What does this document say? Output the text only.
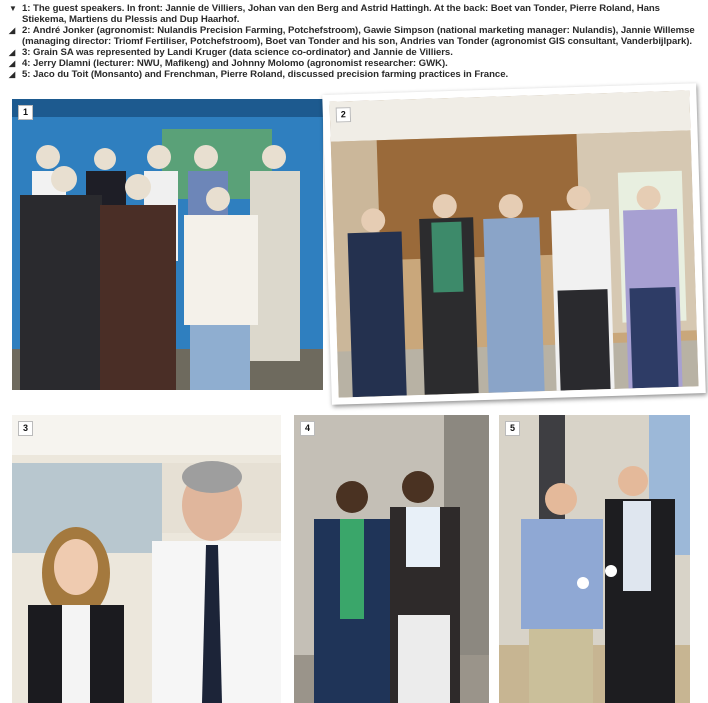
▼ 1: The guest speakers. In front: Jannie de Villiers, Johan van den Berg and Astrid Hattingh. At the back: Boet van Tonder, Pierre Roland, Hans Stiekema, Martiens du Plessis and Dup Haarhof.
◢ 2: André Jonker (agronomist: Nulandis Precision Farming, Potchefstroom), Gawie Simpson (national marketing manager: Nulandis), Jannie Willemse (managing director: Triomf Fertiliser, Potchefstroom), Boet van Tonder and his son, Andries van Tonder (agronomist GIS consultant, Vanderbijlpark).
◢ 3: Grain SA was represented by Landi Kruger (data science co-ordinator) and Jannie de Villiers.
◢ 4: Jerry Dlamni (lecturer: NWU, Mafikeng) and Johnny Molomo (agronomist researcher: GWK).
◢ 5: Jaco du Toit (Monsanto) and Frenchman, Pierre Roland, discussed precision farming practices in France.
1	2
3	4	5
